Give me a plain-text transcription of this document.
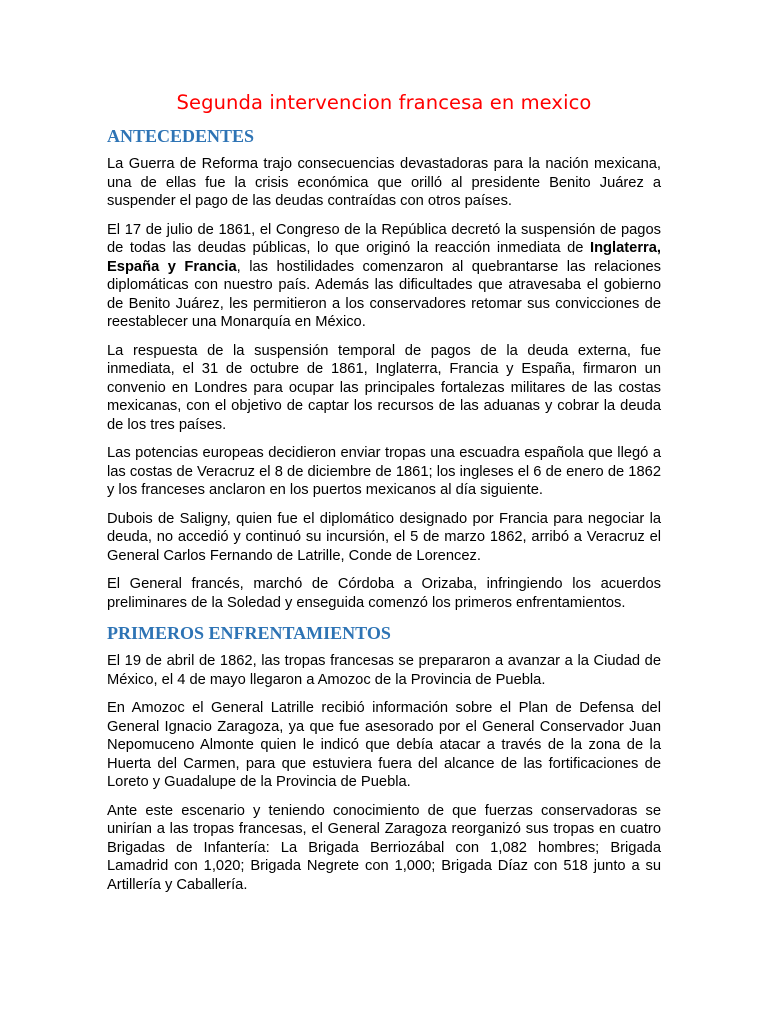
Segunda intervencion francesa en mexico
ANTECEDENTES

La Guerra de Reforma trajo consecuencias devastadoras para la nación mexicana, una de ellas fue la crisis económica que orilló al presidente Benito Juárez a suspender el pago de las deudas contraídas con otros países.

El 17 de julio de 1861, el Congreso de la República decretó la suspensión de pagos de todas las deudas públicas, lo que originó la reacción inmediata de Inglaterra, España y Francia, las hostilidades comenzaron al quebrantarse las relaciones diplomáticas con nuestro país. Además las dificultades que atravesaba el gobierno de Benito Juárez, les permitieron a los conservadores retomar sus convicciones de reestablecer una Monarquía en México.

La respuesta de la suspensión temporal de pagos de la deuda externa, fue inmediata, el 31 de octubre de 1861, Inglaterra, Francia y España, firmaron un convenio en Londres para ocupar las principales fortalezas militares de las costas mexicanas, con el objetivo de captar los recursos de las aduanas y cobrar la deuda de los tres países.

Las potencias europeas decidieron enviar tropas una escuadra española que llegó a las costas de Veracruz el 8 de diciembre de 1861; los ingleses el 6 de enero de 1862 y los franceses anclaron en los puertos mexicanos al día siguiente.

Dubois de Saligny, quien fue el diplomático designado por Francia para negociar la deuda, no accedió y continuó su incursión, el 5 de marzo 1862, arribó a Veracruz el General Carlos Fernando de Latrille, Conde de Lorencez.

El General francés, marchó de Córdoba a Orizaba, infringiendo los acuerdos preliminares de la Soledad y enseguida comenzó los primeros enfrentamientos.

PRIMEROS ENFRENTAMIENTOS

El 19 de abril de 1862, las tropas francesas se prepararon a avanzar a la Ciudad de México, el 4 de mayo llegaron a Amozoc de la Provincia de Puebla.

En Amozoc el General Latrille recibió información sobre el Plan de Defensa del General Ignacio Zaragoza, ya que fue asesorado por el General Conservador Juan Nepomuceno Almonte quien le indicó que debía atacar a través de la zona de la Huerta del Carmen, para que estuviera fuera del alcance de las fortificaciones de Loreto y Guadalupe de la Provincia de Puebla.

Ante este escenario y teniendo conocimiento de que fuerzas conservadoras se unirían a las tropas francesas, el General Zaragoza reorganizó sus tropas en cuatro Brigadas de Infantería: La Brigada Berriozábal con 1,082 hombres; Brigada Lamadrid con 1,020; Brigada Negrete con 1,000; Brigada Díaz con 518 junto a su Artillería y Caballería.
